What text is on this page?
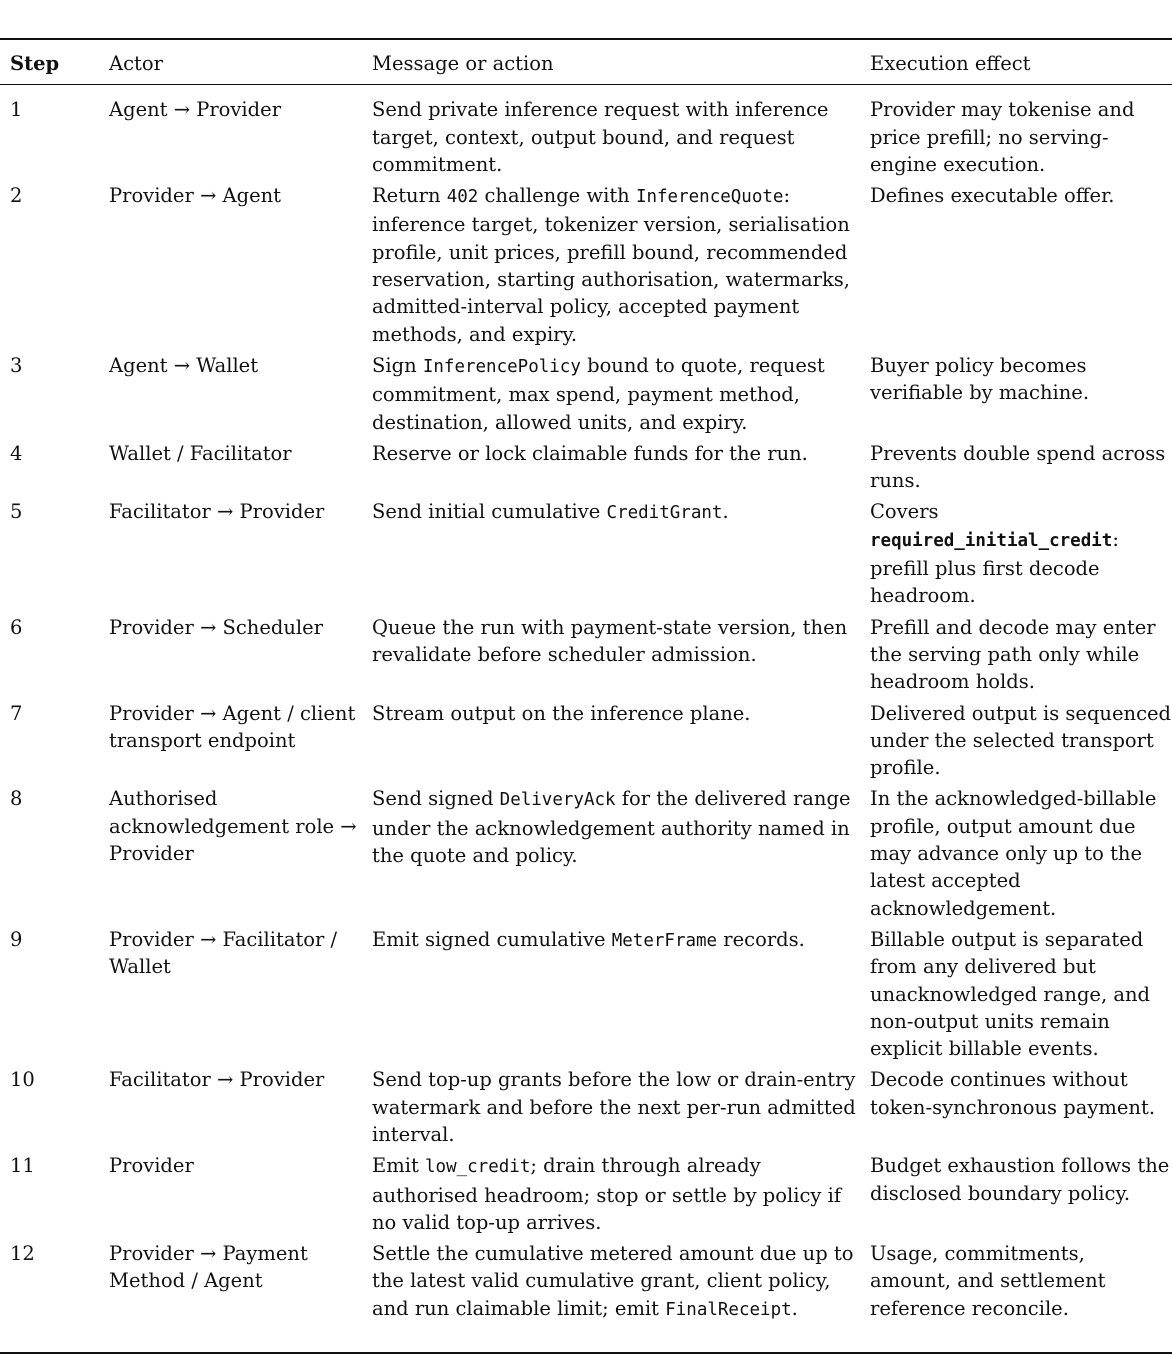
Step	Actor	Message or action	Execution effect
1	Agent → Provider	Send private inference request with inference target, context, output bound, and request commitment.	Provider may tokenise and price prefill; no serving-engine execution.
2	Provider → Agent	Return 402 challenge with InferenceQuote: inference target, tokenizer version, serialisation profile, unit prices, prefill bound, recommended reservation, starting authorisation, watermarks, admitted-interval policy, accepted payment methods, and expiry.	Defines executable offer.
3	Agent → Wallet	Sign InferencePolicy bound to quote, request commitment, max spend, payment method, destination, allowed units, and expiry.	Buyer policy becomes verifiable by machine.
4	Wallet / Facilitator	Reserve or lock claimable funds for the run.	Prevents double spend across runs.
5	Facilitator → Provider	Send initial cumulative CreditGrant.	Covers required_initial_credit: prefill plus first decode headroom.
6	Provider → Scheduler	Queue the run with payment-state version, then revalidate before scheduler admission.	Prefill and decode may enter the serving path only while headroom holds.
7	Provider → Agent / client transport endpoint	Stream output on the inference plane.	Delivered output is sequenced under the selected transport profile.
8	Authorised acknowledgement role → Provider	Send signed DeliveryAck for the delivered range under the acknowledgement authority named in the quote and policy.	In the acknowledged-billable profile, output amount due may advance only up to the latest accepted acknowledgement.
9	Provider → Facilitator / Wallet	Emit signed cumulative MeterFrame records.	Billable output is separated from any delivered but unacknowledged range, and non-output units remain explicit billable events.
10	Facilitator → Provider	Send top-up grants before the low or drain-entry watermark and before the next per-run admitted interval.	Decode continues without token-synchronous payment.
11	Provider	Emit low_credit; drain through already authorised headroom; stop or settle by policy if no valid top-up arrives.	Budget exhaustion follows the disclosed boundary policy.
12	Provider → Payment Method / Agent	Settle the cumulative metered amount due up to the latest valid cumulative grant, client policy, and run claimable limit; emit FinalReceipt.	Usage, commitments, amount, and settlement reference reconcile.
